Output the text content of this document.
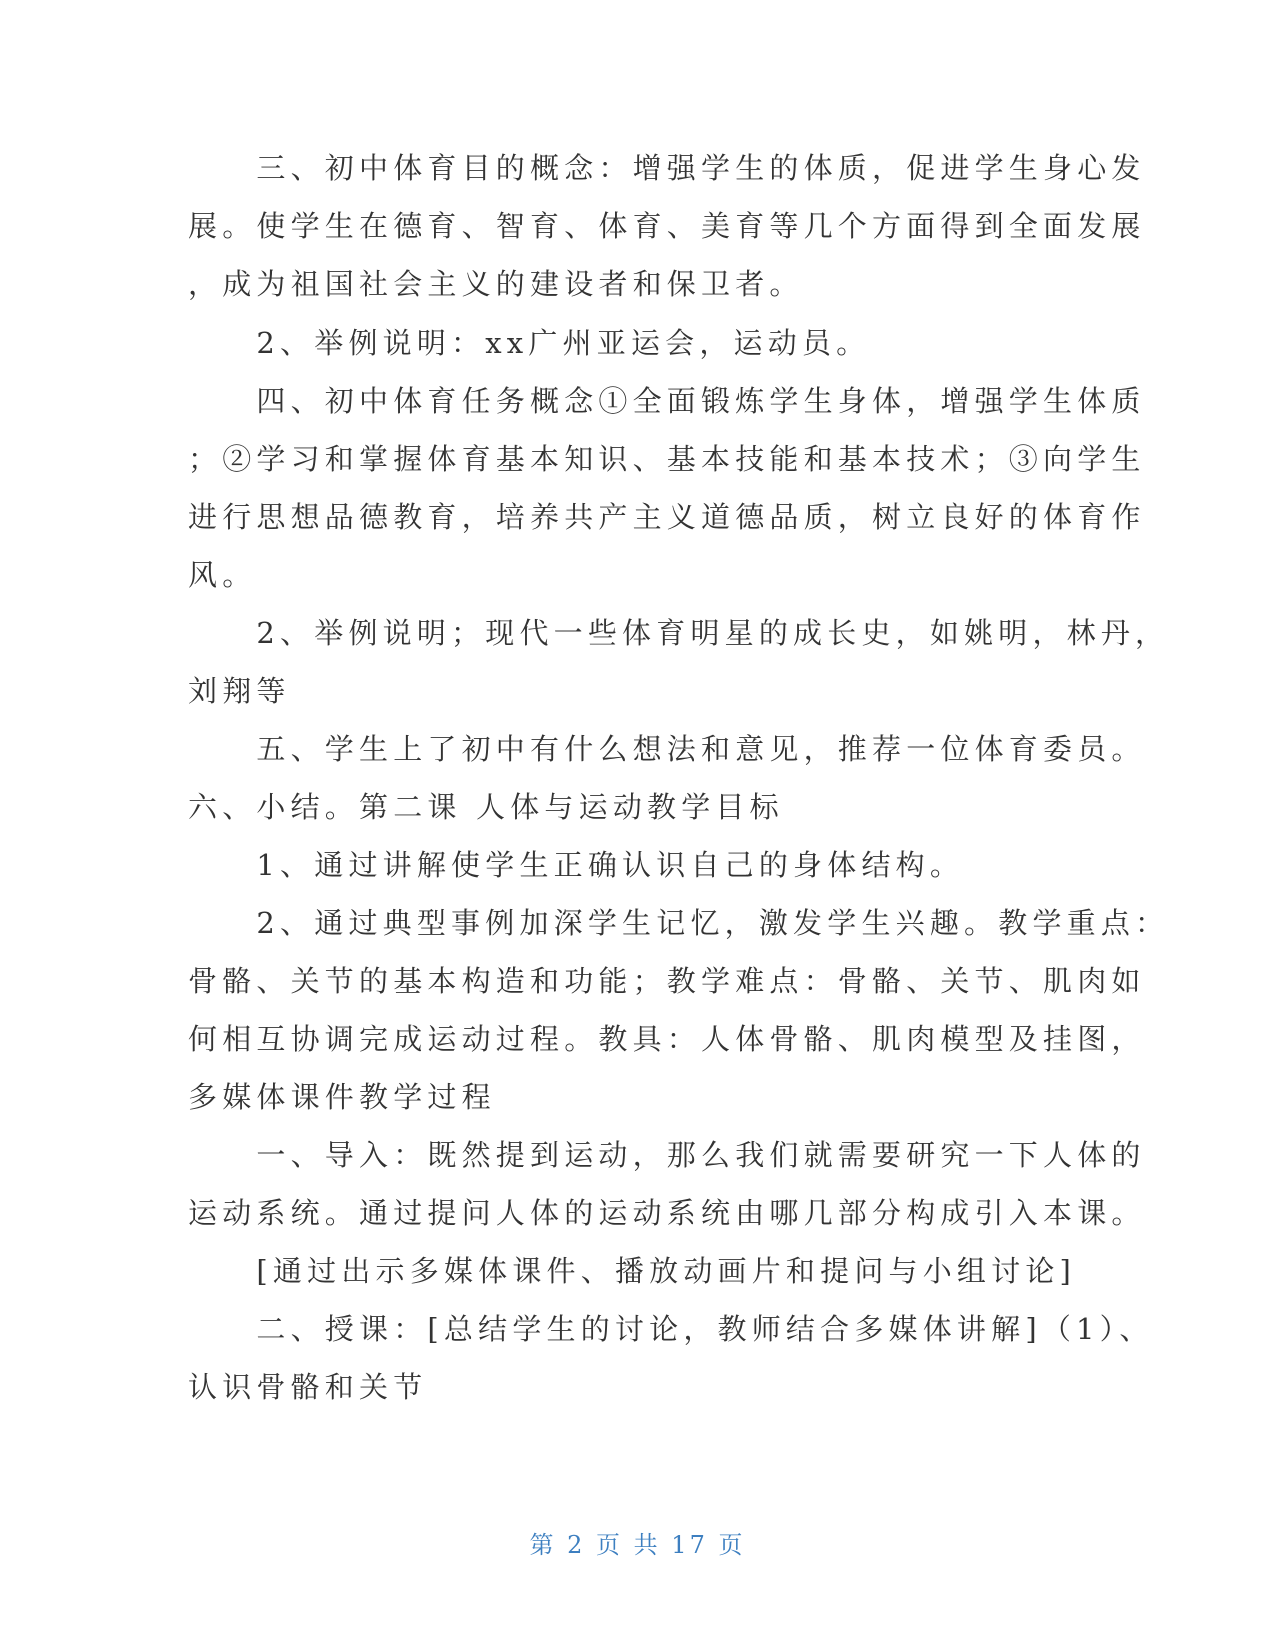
　　三、初中体育目的概念：增强学生的体质，促进学生身心发
展。使学生在德育、智育、体育、美育等几个方面得到全面发展
，成为祖国社会主义的建设者和保卫者。
　　2、举例说明：xx广州亚运会，运动员。
　　四、初中体育任务概念①全面锻炼学生身体，增强学生体质
；②学习和掌握体育基本知识、基本技能和基本技术；③向学生
进行思想品德教育，培养共产主义道德品质，树立良好的体育作
风。
　　2、举例说明；现代一些体育明星的成长史，如姚明，林丹，
刘翔等
　　五、学生上了初中有什么想法和意见，推荐一位体育委员。
六、小结。第二课 人体与运动教学目标
　　1、通过讲解使学生正确认识自己的身体结构。
　　2、通过典型事例加深学生记忆，激发学生兴趣。教学重点：
骨骼、关节的基本构造和功能；教学难点：骨骼、关节、肌肉如
何相互协调完成运动过程。教具：人体骨骼、肌肉模型及挂图，
多媒体课件教学过程
　　一、导入：既然提到运动，那么我们就需要研究一下人体的
运动系统。通过提问人体的运动系统由哪几部分构成引入本课。
　　[通过出示多媒体课件、播放动画片和提问与小组讨论]
　　二、授课：[总结学生的讨论，教师结合多媒体讲解]（1）、
认识骨骼和关节
第 2 页 共 17 页
